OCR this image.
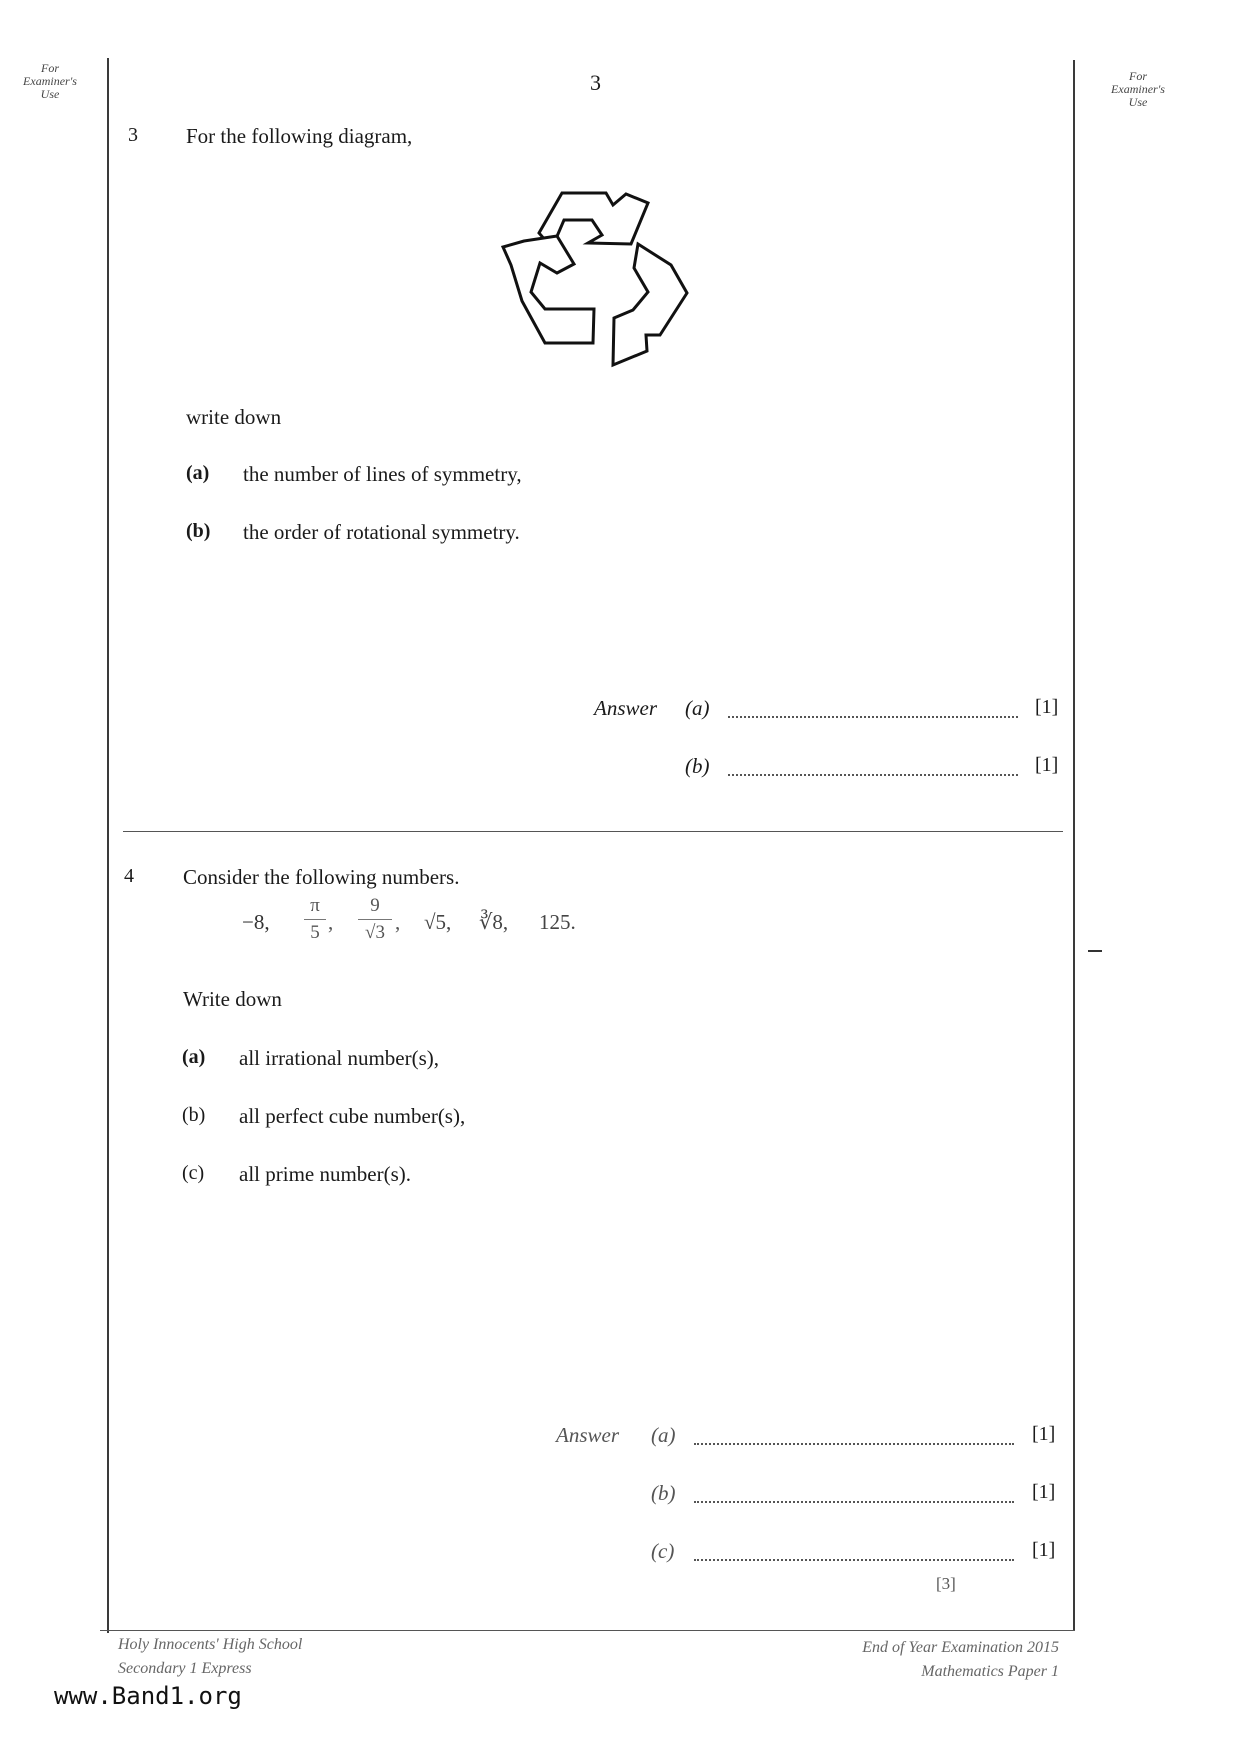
For
Examiner's
Use
For
Examiner's
Use
3
3 For the following diagram,
write down
(a) the number of lines of symmetry,
(b) the order of rotational symmetry.
Answer (a)	[1]
(b)	[1]
4 Consider the following numbers.
−8,
π
5 ,
9
√3 , √5, ∛8, 125.
Write down
(a) all irrational number(s),
(b) all perfect cube number(s),
(c) all prime number(s).
Answer (a)	[1]
(b)	[1]
(c)	[1]
[3]
Holy Innocents' High School
Secondary 1 Express
End of Year Examination 2015
Mathematics Paper 1
www.Band1.org
